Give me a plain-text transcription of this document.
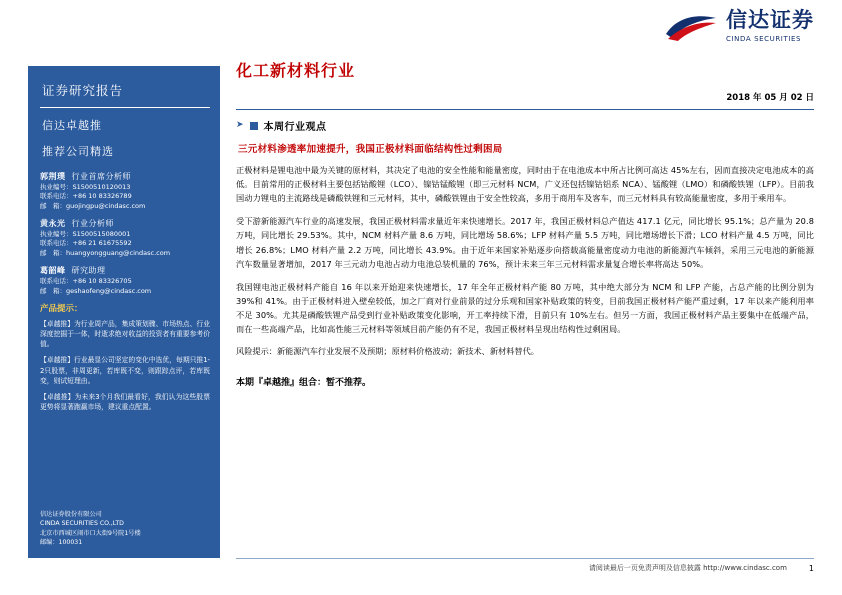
信达证券
CINDA SECURITIES
证券研究报告
信达卓越推
推荐公司精选
郭荆璞 行业首席分析师
执业编号：S1500510120013
联系电话：+86 10 83326789
邮　箱：guojingpu@cindasc.com
黄永光 行业分析师
执业编号：S1500515080001
联系电话：+86 21 61675592
邮　箱：huangyongguang@cindasc.com
葛韶峰 研究助理
联系电话：+86 10 83326705
邮　箱：geshaofeng@cindasc.com
产品提示：
【卓越推】为行业周产品，集成策划骤、市场热点、行业深度挖掘于一体，时逝求绝对收益的投资者有重要参考价值。
【卓越推】行业最显公司坚定的变化中选优，每期只推1-2只股票，非周更新，若库既不变，则跟踪点评，若库既变，则试短理由。
【卓越推】为未来3个月我们最看好，我们认为这些股票更势将显著跑赢市场，建议重点配置。
信达证券股份有限公司
CINDA SECURITIES CO.,LTD
北京市西城区闹市口大街9号院1号楼
邮编：100031
化工新材料行业
2018 年 05 月 02 日
➤ 本周行业观点
三元材料渗透率加速提升，我国正极材料面临结构性过剩困局
正极材料是锂电池中最为关键的原材料，其决定了电池的安全性能和能量密度，同时由于在电池成本中所占比例可高达 45%左右，因而直接决定电池成本的高低。目前常用的正极材料主要包括钴酸锂（LCO）、镍钴锰酸锂（即三元材料 NCM，广义还包括镍钴铝系 NCA）、锰酸锂（LMO）和磷酸铁锂（LFP）。目前我国动力锂电的主流路线是磷酸铁锂和三元材料，其中，磷酸铁锂由于安全性较高，多用于商用车及客车，而三元材料具有较高能量密度，多用于乘用车。
受下游新能源汽车行业的高速发展，我国正极材料需求量近年来快速增长。2017 年，我国正极材料总产值达 417.1 亿元，同比增长 95.1%；总产量为 20.8 万吨，同比增长 29.53%。其中，NCM 材料产量 8.6 万吨，同比增场 58.6%；LFP 材料产量 5.5 万吨，同比增场增长下滑；LCO 材料产量 4.5 万吨，同比增长 26.8%；LMO 材料产量 2.2 万吨，同比增长 43.9%。由于近年来国家补贴逐步向搭载高能量密度动力电池的新能源汽车倾斜，采用三元电池的新能源汽车数量显著增加，2017 年三元动力电池占动力电池总装机量的 76%，预计未来三年三元材料需求量复合增长率将高达 50%。
我国锂电池正极材料产能自 16 年以来开始迎来快速增长，17 年全年正极材料产能 80 万吨，其中绝大部分为 NCM 和 LFP 产能，占总产能的比例分别为 39%和 41%。由于正极材料进入壁垒较低，加之厂商对行业前景的过分乐观和国家补贴政策的转变，目前我国正极材料产能严重过剩，17 年以来产能利用率不足 30%。尤其是磷酸铁锂产品受到行业补贴政策变化影响，开工率持续下滑，目前只有 10%左右。但另一方面，我国正极材料产品主要集中在低端产品，而在一些高端产品，比如高性能三元材料等领域目前产能仍有不足，我国正极材料呈现出结构性过剩困局。
风险提示：新能源汽车行业发展不及预期；原材料价格波动；新技术、新材料替代。
本期『卓越推』组合：暂不推荐。
请阅读最后一页免责声明及信息披露 http://www.cindasc.com	1
